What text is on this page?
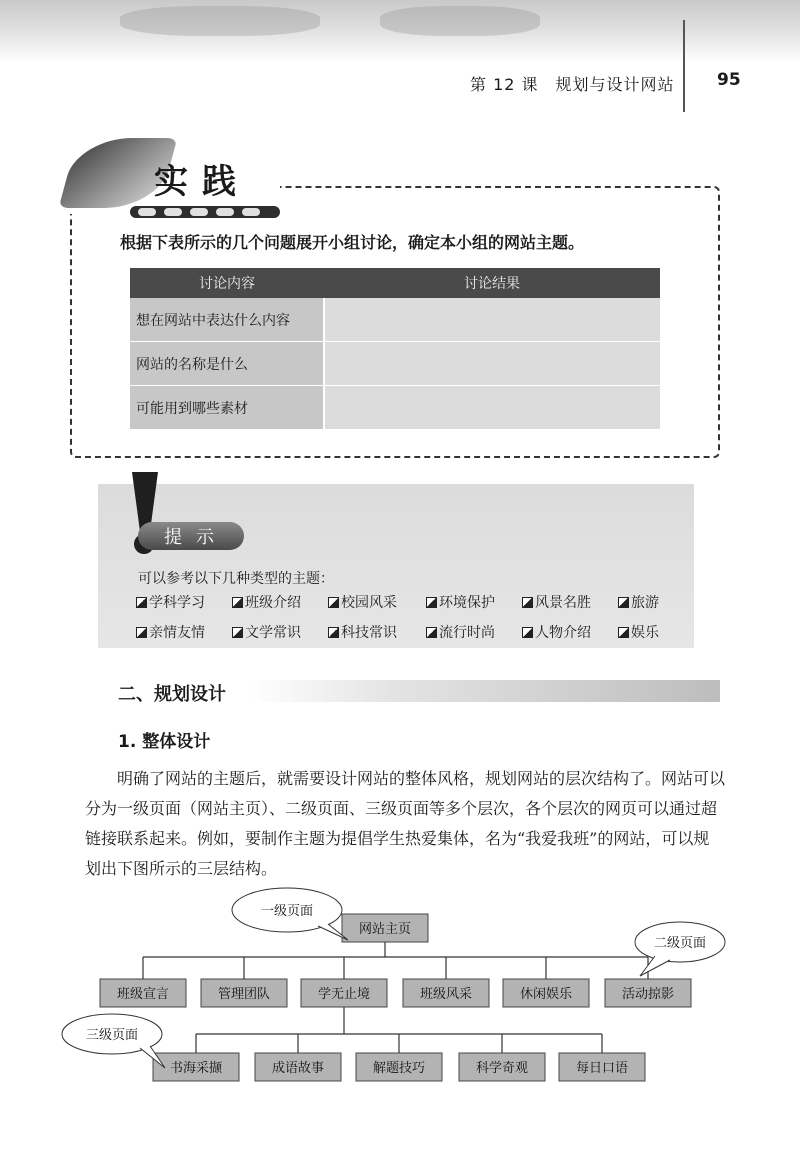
第 12 课　规划与设计网站 95
实践
根据下表所示的几个问题展开小组讨论，确定本小组的网站主题。
讨论内容	讨论结果
想在网站中表达什么内容	
网站的名称是什么	
可能用到哪些素材	
提示
可以参考以下几种类型的主题：
学科学习	班级介绍	校园风采	环境保护	风景名胜	旅游
亲情友情	文学常识	科技常识	流行时尚	人物介绍	娱乐
二、规划设计
1. 整体设计

明确了网站的主题后，就需要设计网站的整体风格，规划网站的层次结构了。网站可以分为一级页面（网站主页）、二级页面、三级页面等多个层次，各个层次的网页可以通过超链接联系起来。例如，要制作主题为提倡学生热爱集体，名为“我爱我班”的网站，可以规划出下图所示的三层结构。

网站主页
班级宣言	管理团队	学无止境	班级风采	休闲娱乐	活动掠影
书海采撷	成语故事	解题技巧	科学奇观	每日口语
一级页面
二级页面
三级页面
